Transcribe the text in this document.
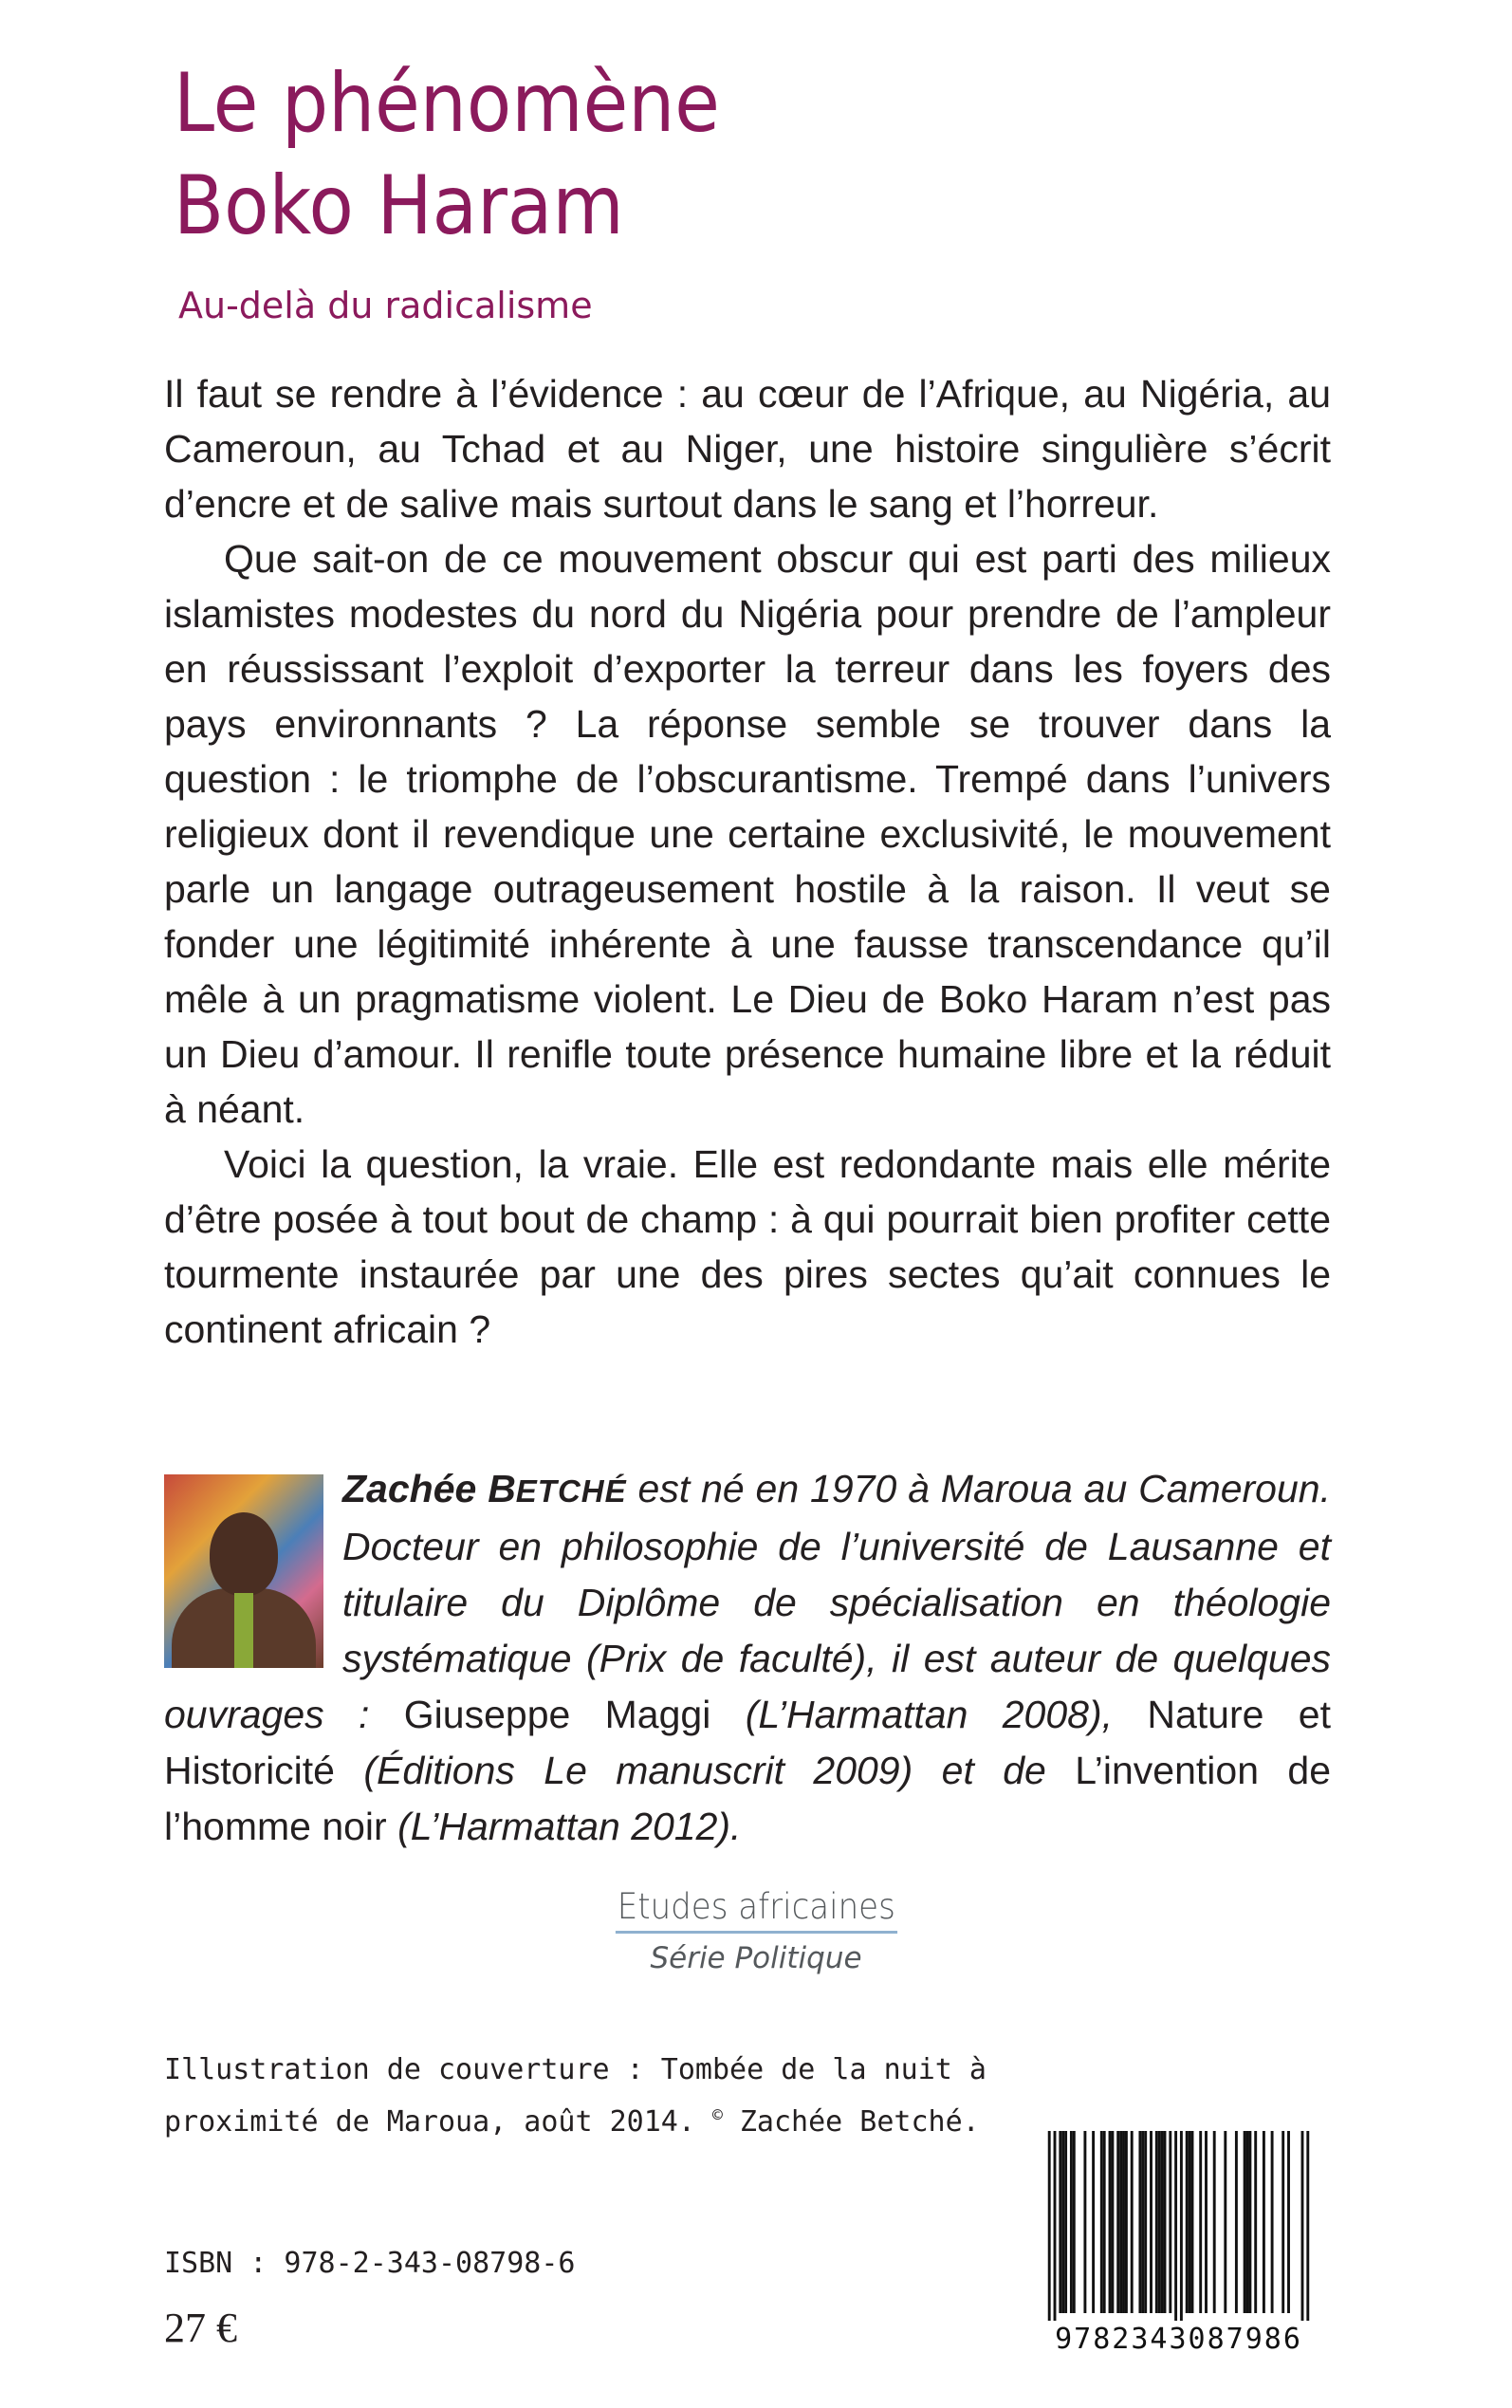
Le phénomène
Boko Haram
Au-delà du radicalisme

Il faut se rendre à l’évidence : au cœur de l’Afrique, au Nigéria, au Cameroun, au Tchad et au Niger, une histoire singulière s’écrit d’encre et de salive mais surtout dans le sang et l’horreur.

Que sait-on de ce mouvement obscur qui est parti des milieux islamistes modestes du nord du Nigéria pour prendre de l’ampleur en réussissant l’exploit d’exporter la terreur dans les foyers des pays environnants ? La réponse semble se trouver dans la question : le triomphe de l’obscurantisme. Trempé dans l’univers religieux dont il revendique une certaine exclusivité, le mouvement parle un langage outrageusement hostile à la raison. Il veut se fonder une légitimité inhérente à une fausse transcendance qu’il mêle à un pragmatisme violent. Le Dieu de Boko Haram n’est pas un Dieu d’amour. Il renifle toute présence humaine libre et la réduit à néant.

Voici la question, la vraie. Elle est redondante mais elle mérite d’être posée à tout bout de champ : à qui pourrait bien profiter cette tourmente instaurée par une des pires sectes qu’ait connues le continent africain ?

Zachée BETCHÉ est né en 1970 à Maroua au Cameroun. Docteur en philosophie de l’université de Lausanne et titulaire du Diplôme de spécialisation en théologie systématique (Prix de faculté), il est auteur de quelques ouvrages : Giuseppe Maggi (L’Harmattan 2008), Nature et Historicité (Éditions Le manuscrit 2009) et de L’invention de l’homme noir (L’Harmattan 2012).
Etudes africaines
Série Politique
Illustration de couverture : Tombée de la nuit à proximité de Maroua, août 2014. © Zachée Betché.
ISBN : 978-2-343-08798-6
27 €	9782343087986
